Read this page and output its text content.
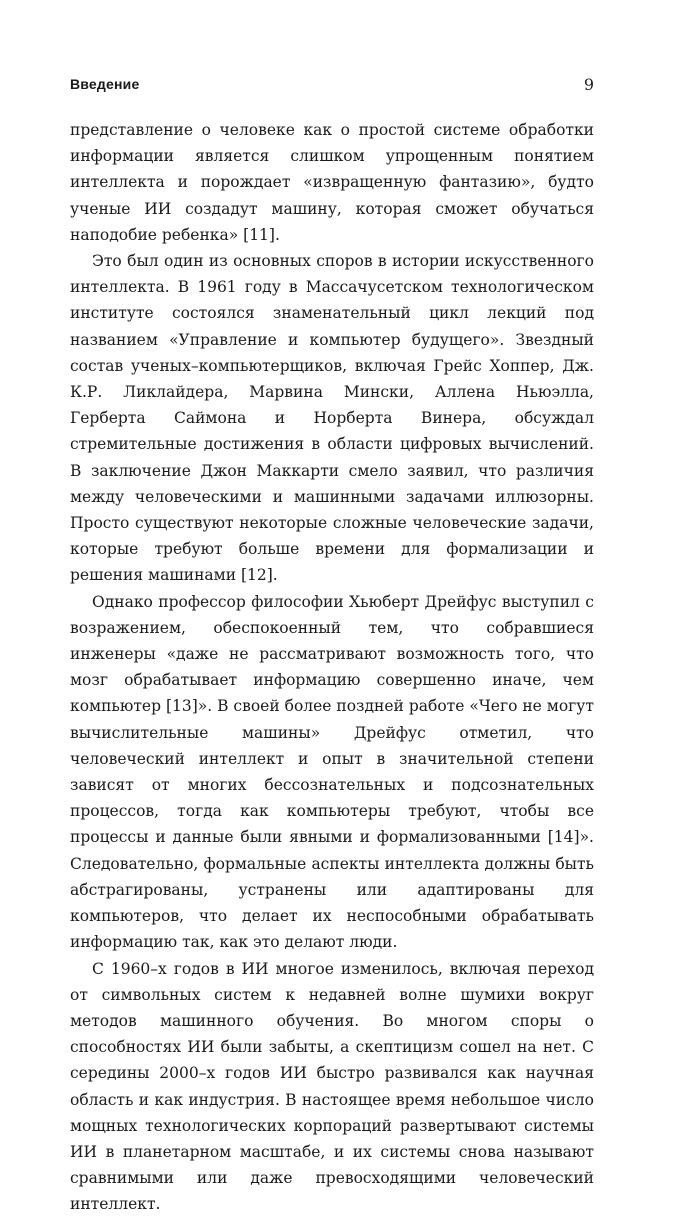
Введение	9

представление о человеке как о простой системе обработки информации является слишком упрощенным понятием интеллекта и порождает «извращенную фантазию», будто ученые ИИ создадут машину, которая сможет обучаться наподобие ребенка» [11].

Это был один из основных споров в истории искусственного интеллекта. В 1961 году в Массачусетском технологическом институте состоялся знаменательный цикл лекций под названием «Управление и компьютер будущего». Звездный состав ученых–компьютерщиков, включая Грейс Хоппер, Дж. К.Р. Ликлайдера, Марвина Мински, Аллена Ньюэлла, Герберта Саймона и Норберта Винера, обсуждал стремительные достижения в области цифровых вычислений. В заключение Джон Маккарти смело заявил, что различия между человеческими и машинными задачами иллюзорны. Просто существуют некоторые сложные человеческие задачи, которые требуют больше времени для формализации и решения машинами [12].

Однако профессор философии Хьюберт Дрейфус выступил с возражением, обеспокоенный тем, что собравшиеся инженеры «даже не рассматривают возможность того, что мозг обрабатывает информацию совершенно иначе, чем компьютер [13]». В своей более поздней работе «Чего не могут вычислительные машины» Дрейфус отметил, что человеческий интеллект и опыт в значительной степени зависят от многих бессознательных и подсознательных процессов, тогда как компьютеры требуют, чтобы все процессы и данные были явными и формализованными [14]». Следовательно, формальные аспекты интеллекта должны быть абстрагированы, устранены или адаптированы для компьютеров, что делает их неспособными обрабатывать информацию так, как это делают люди.

С 1960–х годов в ИИ многое изменилось, включая переход от символьных систем к недавней волне шумихи вокруг методов машинного обучения. Во многом споры о способностях ИИ были забыты, а скептицизм сошел на нет. С середины 2000–х годов ИИ быстро развивался как научная область и как индустрия. В настоящее время небольшое число мощных технологических корпораций развертывают системы ИИ в планетарном масштабе, и их системы снова называют сравнимыми или даже превосходящими человеческий интеллект.
